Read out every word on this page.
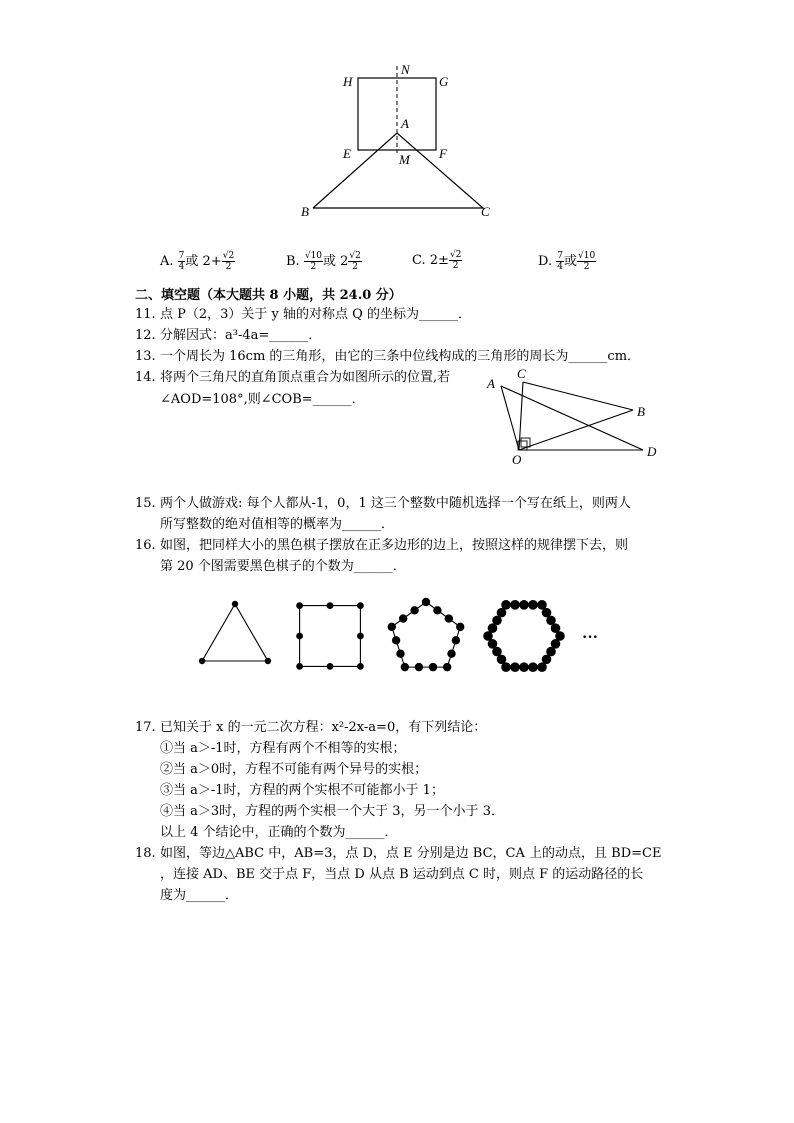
H
N
G
A
E	M F
B	C
A. $\frac{7}{4}$ 或 $2+ \frac{√2}{2}$	B. $\frac{√10}{2}$ 或 $2 \frac{√2}{2}$	C. $2\pm \frac{√2}{2}$	D. $\frac{7}{4}$ 或 $\frac{√10}{2}$
二、填空题（本大题共 8 小题，共 24.0 分）
11. 点 P（2，3）关于 y 轴的对称点 Q 的坐标为______．
12. 分解因式：a³-4a=______．
13. 一个周长为 16cm 的三角形，由它的三条中位线构成的三角形的周长为______cm．
14. 将两个三角尺的直角顶点重合为如图所示的位置,若
∠AOD=108°,则∠COB=______．
A
C
B
D
O
15. 两个人做游戏: 每个人都从-1，0，1 这三个整数中随机选择一个写在纸上，则两人
所写整数的绝对值相等的概率为______．
16. 如图，把同样大小的黑色棋子摆放在正多边形的边上，按照这样的规律摆下去，则
第 20 个图需要黑色棋子的个数为______．
···
17. 已知关于 x 的一元二次方程：x²-2x-a=0，有下列结论：
①当 a＞-1时，方程有两个不相等的实根；
②当 a＞0时，方程不可能有两个异号的实根；
③当 a＞-1时，方程的两个实根不可能都小于 1；
④当 a＞3时，方程的两个实根一个大于 3，另一个小于 3．
以上 4 个结论中，正确的个数为______．
18. 如图，等边△ABC 中，AB=3，点 D，点 E 分别是边 BC，CA 上的动点，且 BD=CE
，连接 AD、BE 交于点 F，当点 D 从点 B 运动到点 C 时，则点 F 的运动路径的长
度为______．
